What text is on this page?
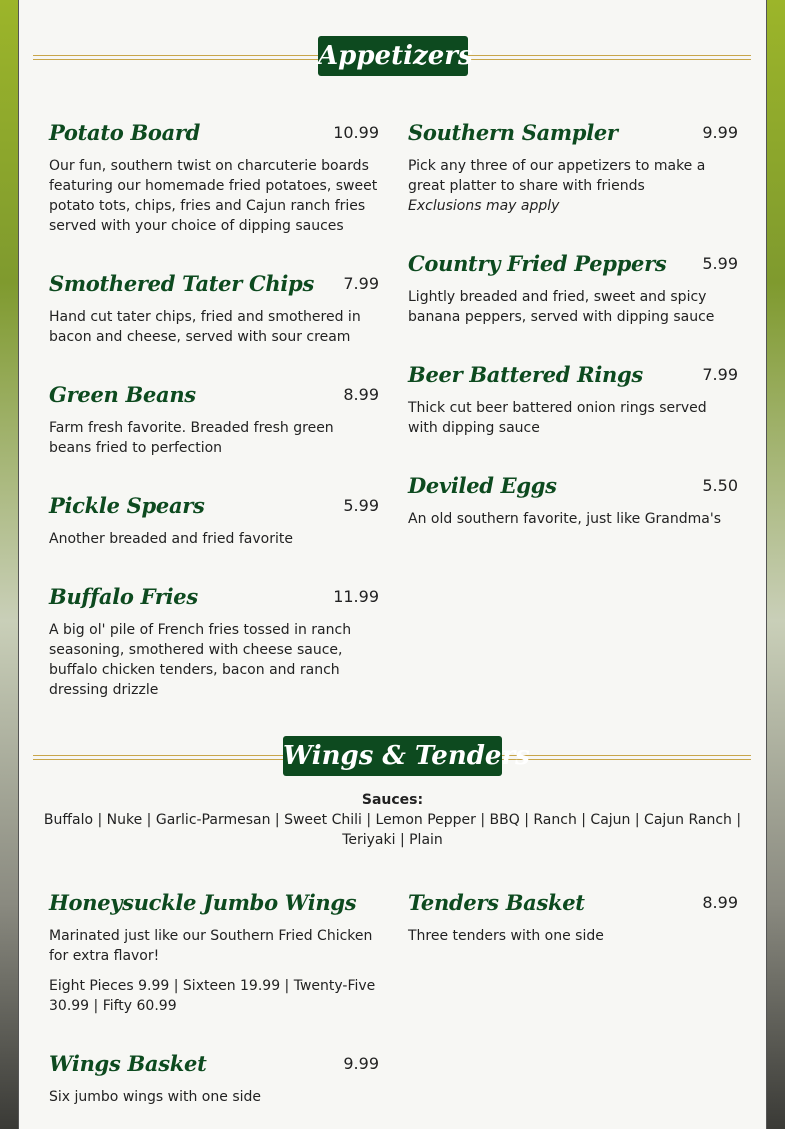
Appetizers
Potato Board	10.99
Our fun, southern twist on charcuterie boards featuring our homemade fried potatoes, sweet potato tots, chips, fries and Cajun ranch fries served with your choice of dipping sauces
Smothered Tater Chips 7.99
Hand cut tater chips, fried and smothered in bacon and cheese, served with sour cream
Green Beans	8.99
Farm fresh favorite. Breaded fresh green beans fried to perfection
Pickle Spears	5.99
Another breaded and fried favorite
Buffalo Fries	11.99
A big ol' pile of French fries tossed in ranch seasoning, smothered with cheese sauce, buffalo chicken tenders, bacon and ranch dressing drizzle
Southern Sampler	9.99
Pick any three of our appetizers to make a great platter to share with friends
Exclusions may apply
Country Fried Peppers 5.99
Lightly breaded and fried, sweet and spicy banana peppers, served with dipping sauce
Beer Battered Rings	7.99
Thick cut beer battered onion rings served with dipping sauce
Deviled Eggs	5.50
An old southern favorite, just like Grandma's
Wings & Tenders
Sauces:
Buffalo | Nuke | Garlic-Parmesan | Sweet Chili | Lemon Pepper | BBQ | Ranch | Cajun | Cajun Ranch | Teriyaki | Plain
Honeysuckle Jumbo Wings
Marinated just like our Southern Fried Chicken for extra flavor!
Eight Pieces 9.99 | Sixteen 19.99 | Twenty-Five 30.99 | Fifty 60.99
Tenders Basket	8.99
Three tenders with one side
Wings Basket	9.99
Six jumbo wings with one side
